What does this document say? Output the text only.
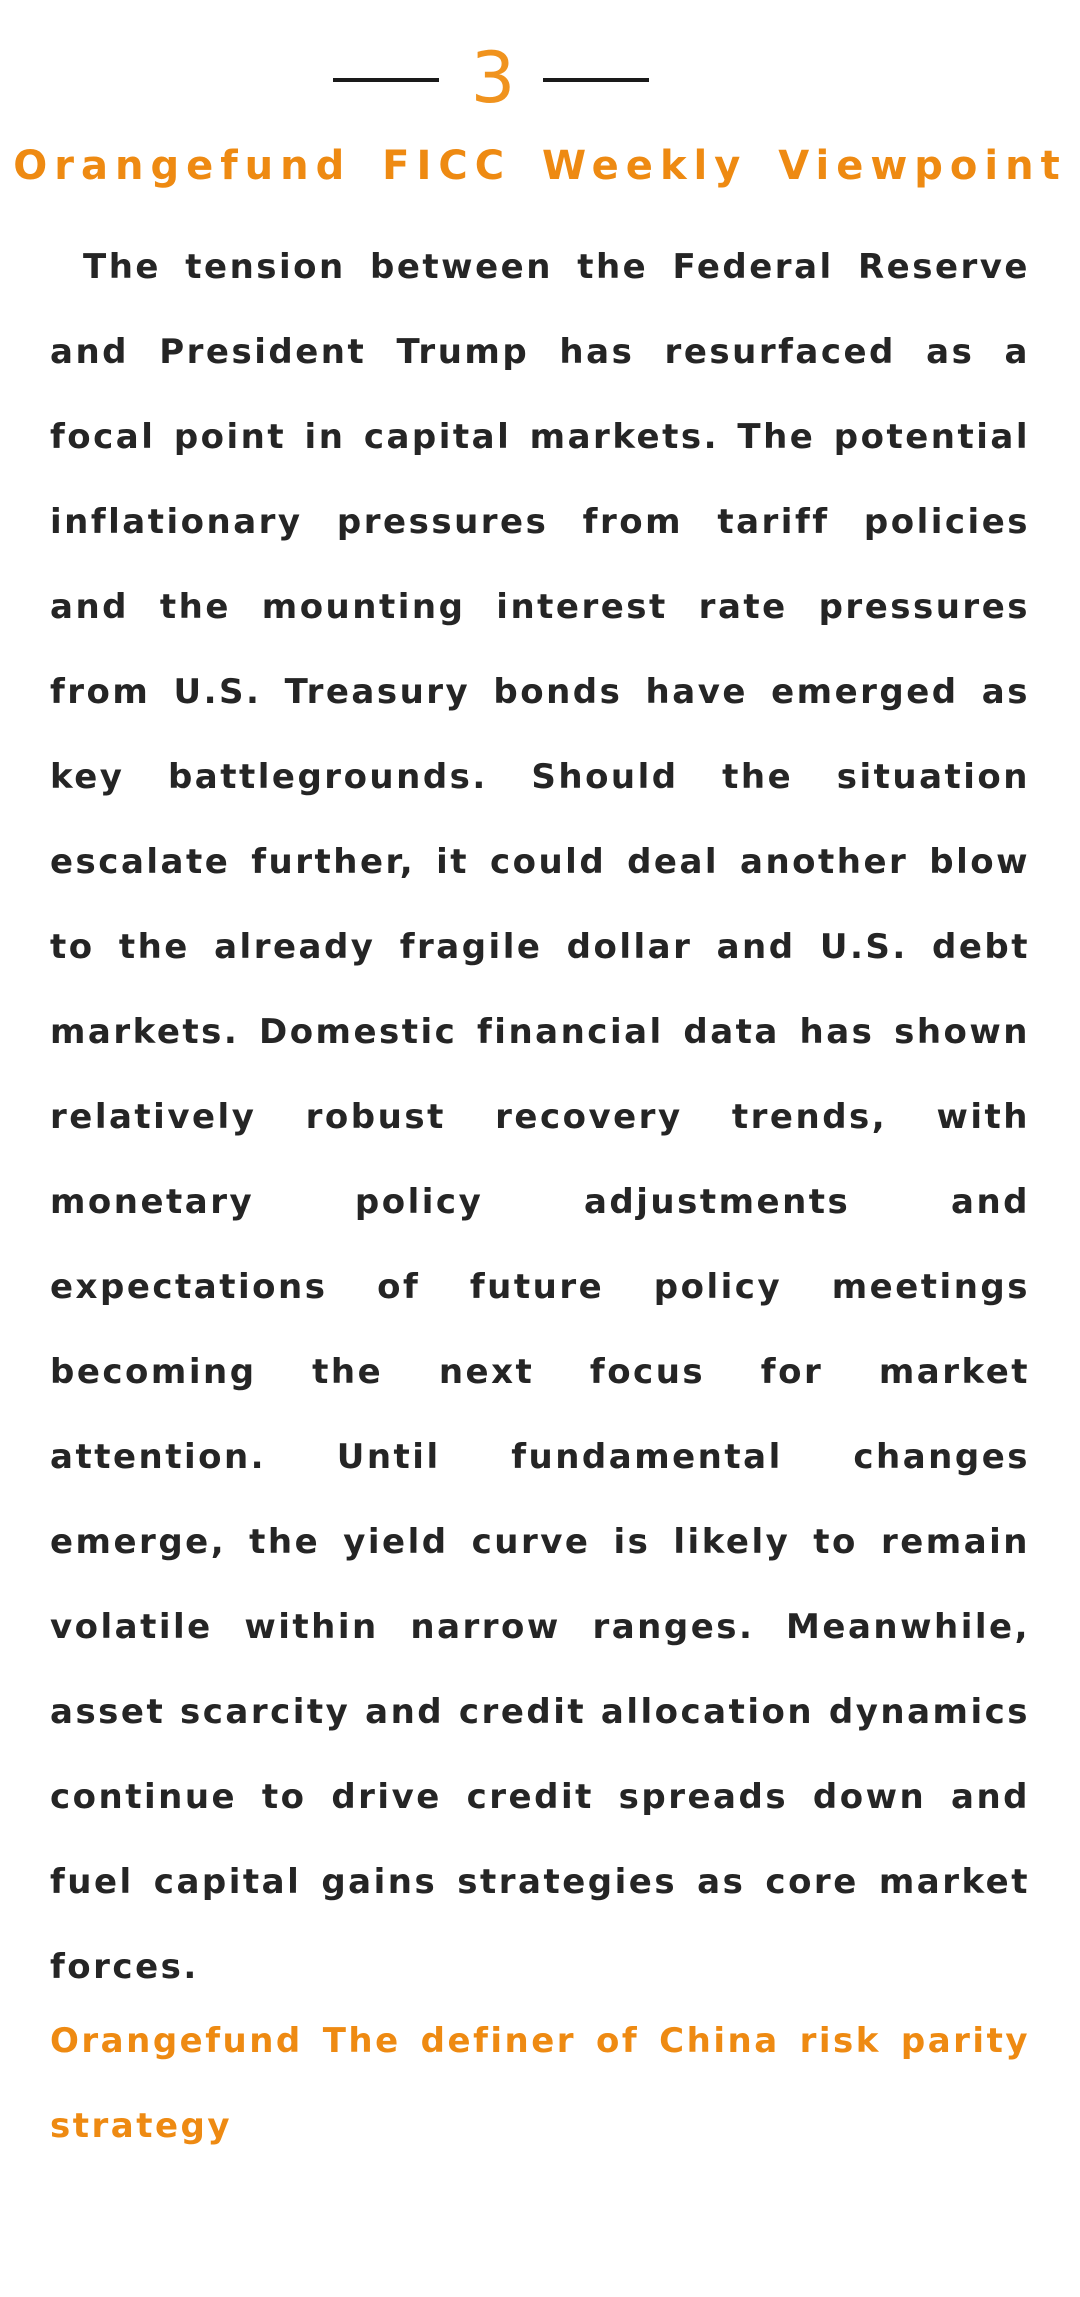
3
Orangefund FICC Weekly Viewpoint

The tension between the Federal Reserve and President Trump has resurfaced as a focal point in capital markets. The potential inflationary pressures from tariff policies and the mounting interest rate pressures from U.S. Treasury bonds have emerged as key battlegrounds. Should the situation escalate further, it could deal another blow to the already fragile dollar and U.S. debt markets. Domestic financial data has shown relatively robust recovery trends, with monetary policy adjustments and expectations of future policy meetings becoming the next focus for market attention. Until fundamental changes emerge, the yield curve is likely to remain volatile within narrow ranges. Meanwhile, asset scarcity and credit allocation dynamics continue to drive credit spreads down and fuel capital gains strategies as core market forces.

Orangefund The definer of China risk parity strategy
